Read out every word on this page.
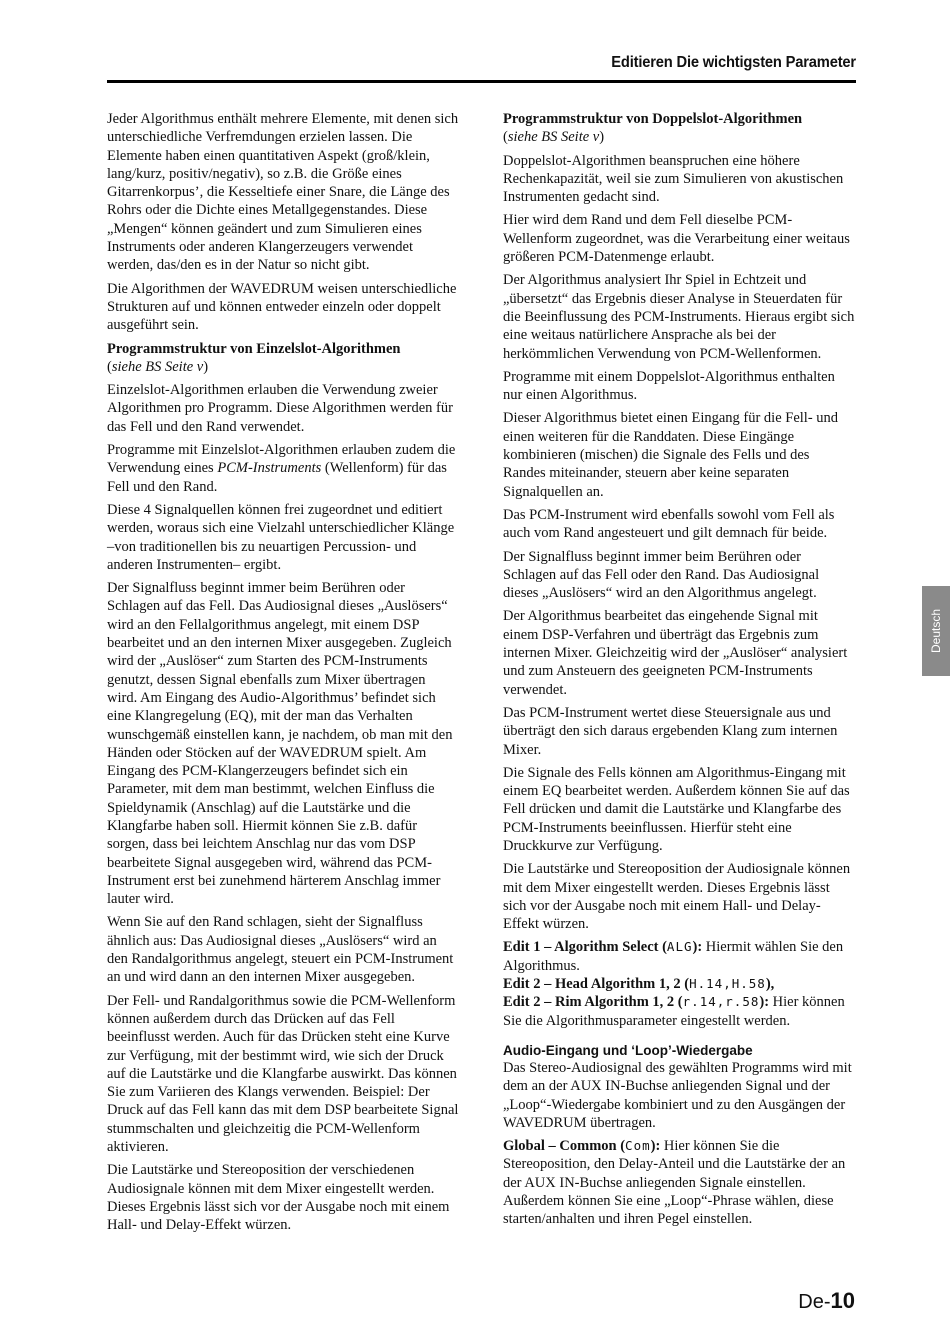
Editieren Die wichtigsten Parameter

Jeder Algorithmus enthält mehrere Elemente, mit denen sich unterschiedliche Verfremdungen erzielen lassen. Die Elemente haben einen quantitativen Aspekt (groß/klein, lang/kurz, positiv/negativ), so z.B. die Größe eines Gitarrenkorpus’, die Kesseltiefe einer Snare, die Länge des Rohrs oder die Dichte eines Metallgegenstandes. Diese „Mengen“ können geändert und zum Simulieren eines Instruments oder anderen Klangerzeugers verwendet werden, das/den es in der Natur so nicht gibt.

Die Algorithmen der WAVEDRUM weisen unterschiedliche Strukturen auf und können entweder einzeln oder doppelt ausgeführt sein.

Programmstruktur von Einzelslot-Algorithmen

(siehe BS Seite v)

Einzelslot-Algorithmen erlauben die Verwendung zweier Algorithmen pro Programm. Diese Algorithmen werden für das Fell und den Rand verwendet.

Programme mit Einzelslot-Algorithmen erlauben zudem die Verwendung eines PCM-Instruments (Wellenform) für das Fell und den Rand.

Diese 4 Signalquellen können frei zugeordnet und editiert werden, woraus sich eine Vielzahl unterschiedlicher Klänge –von traditionellen bis zu neuartigen Percussion- und anderen Instrumenten– ergibt.

Der Signalfluss beginnt immer beim Berühren oder Schlagen auf das Fell. Das Audiosignal dieses „Auslösers“ wird an den Fellalgorithmus angelegt, mit einem DSP bearbeitet und an den internen Mixer ausgegeben. Zugleich wird der „Auslöser“ zum Starten des PCM-Instruments genutzt, dessen Signal ebenfalls zum Mixer übertragen wird. Am Eingang des Audio-Algorithmus’ befindet sich eine Klangregelung (EQ), mit der man das Verhalten wunschgemäß einstellen kann, je nachdem, ob man mit den Händen oder Stöcken auf der WAVEDRUM spielt. Am Eingang des PCM-Klangerzeugers befindet sich ein Parameter, mit dem man bestimmt, welchen Einfluss die Spieldynamik (Anschlag) auf die Lautstärke und die Klangfarbe haben soll. Hiermit können Sie z.B. dafür sorgen, dass bei leichtem Anschlag nur das vom DSP bearbeitete Signal ausgegeben wird, während das PCM-Instrument erst bei zunehmend härterem Anschlag immer lauter wird.

Wenn Sie auf den Rand schlagen, sieht der Signalfluss ähnlich aus: Das Audiosignal dieses „Auslösers“ wird an den Randalgorithmus angelegt, steuert ein PCM-Instrument an und wird dann an den internen Mixer ausgegeben.

Der Fell- und Randalgorithmus sowie die PCM-Wellenform können außerdem durch das Drücken auf das Fell beeinflusst werden. Auch für das Drücken steht eine Kurve zur Verfügung, mit der bestimmt wird, wie sich der Druck auf die Lautstärke und die Klangfarbe auswirkt. Das können Sie zum Variieren des Klangs verwenden. Beispiel: Der Druck auf das Fell kann das mit dem DSP bearbeitete Signal stummschalten und gleichzeitig die PCM-Wellenform aktivieren.

Die Lautstärke und Stereoposition der verschiedenen Audiosignale können mit dem Mixer eingestellt werden. Dieses Ergebnis lässt sich vor der Ausgabe noch mit einem Hall- und Delay-Effekt würzen.

Programmstruktur von Doppelslot-Algorithmen

(siehe BS Seite v)

Doppelslot-Algorithmen beanspruchen eine höhere Rechenkapazität, weil sie zum Simulieren von akustischen Instrumenten gedacht sind.

Hier wird dem Rand und dem Fell dieselbe PCM-Wellenform zugeordnet, was die Verarbeitung einer weitaus größeren PCM-Datenmenge erlaubt.

Der Algorithmus analysiert Ihr Spiel in Echtzeit und „übersetzt“ das Ergebnis dieser Analyse in Steuerdaten für die Beeinflussung des PCM-Instruments. Hieraus ergibt sich eine weitaus natürlichere Ansprache als bei der herkömmlichen Verwendung von PCM-Wellenformen.

Programme mit einem Doppelslot-Algorithmus enthalten nur einen Algorithmus.

Dieser Algorithmus bietet einen Eingang für die Fell- und einen weiteren für die Randdaten. Diese Eingänge kombinieren (mischen) die Signale des Fells und des Randes miteinander, steuern aber keine separaten Signalquellen an.

Das PCM-Instrument wird ebenfalls sowohl vom Fell als auch vom Rand angesteuert und gilt demnach für beide.

Der Signalfluss beginnt immer beim Berühren oder Schlagen auf das Fell oder den Rand. Das Audiosignal dieses „Auslösers“ wird an den Algorithmus angelegt.

Der Algorithmus bearbeitet das eingehende Signal mit einem DSP-Verfahren und überträgt das Ergebnis zum internen Mixer. Gleichzeitig wird der „Auslöser“ analysiert und zum Ansteuern des geeigneten PCM-Instruments verwendet.

Das PCM-Instrument wertet diese Steuersignale aus und überträgt den sich daraus ergebenden Klang zum internen Mixer.

Die Signale des Fells können am Algorithmus-Eingang mit einem EQ bearbeitet werden. Außerdem können Sie auf das Fell drücken und damit die Lautstärke und Klangfarbe des PCM-Instruments beeinflussen. Hierfür steht eine Druckkurve zur Verfügung.

Die Lautstärke und Stereoposition der Audiosignale können mit dem Mixer eingestellt werden. Dieses Ergebnis lässt sich vor der Ausgabe noch mit einem Hall- und Delay-Effekt würzen.

Edit 1 – Algorithm Select (ALG): Hiermit wählen Sie den Algorithmus.

Edit 2 – Head Algorithm 1, 2 (H.14,H.58),

Edit 2 – Rim Algorithm 1, 2 (r.14,r.58): Hier können Sie die Algorithmusparameter eingestellt werden.

Audio-Eingang und ‘Loop’-Wiedergabe

Das Stereo-Audiosignal des gewählten Programms wird mit dem an der AUX IN-Buchse anliegenden Signal und der „Loop“-Wiedergabe kombiniert und zu den Ausgängen der WAVEDRUM übertragen.

Global – Common (Com): Hier können Sie die Stereoposition, den Delay-Anteil und die Lautstärke der an der AUX IN-Buchse anliegenden Signale einstellen. Außerdem können Sie eine „Loop“-Phrase wählen, diese starten/anhalten und ihren Pegel einstellen.

Deutsch
De-10
